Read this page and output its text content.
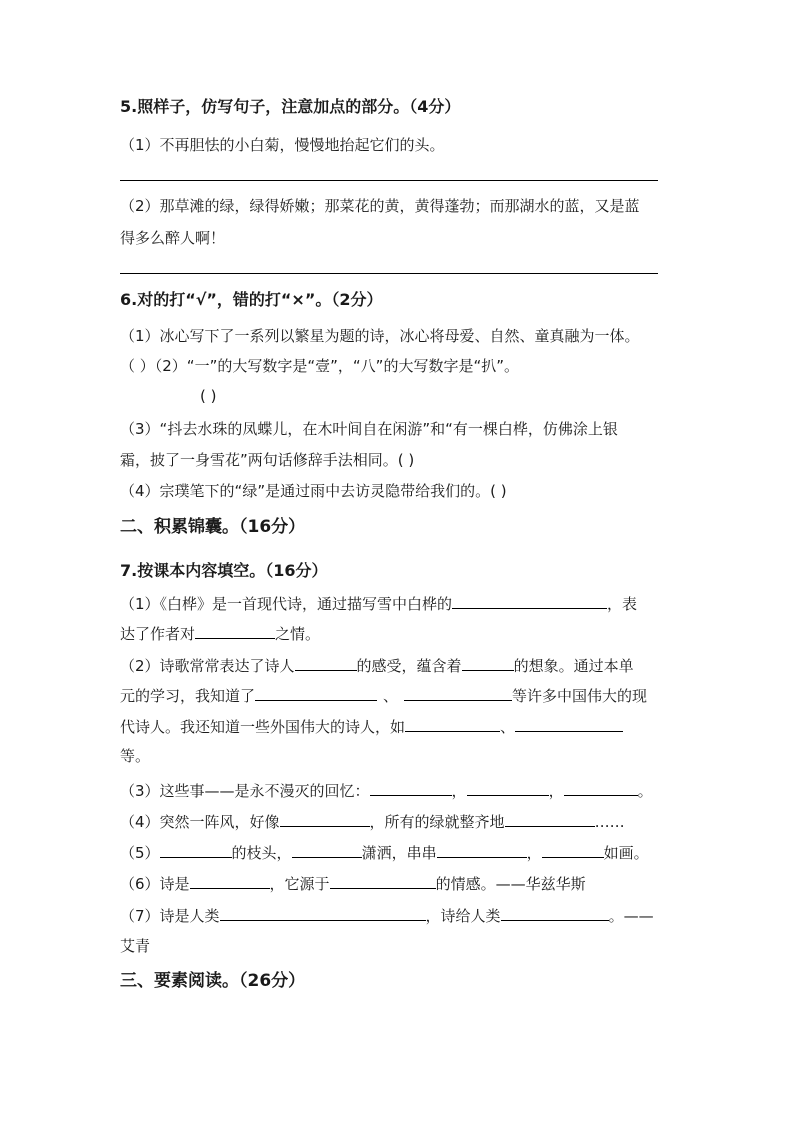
5.照样子，仿写句子，注意加点的部分。（4分）
（1）不再胆怯的小白菊，慢慢地抬起它们的头。
（2）那草滩的绿，绿得娇嫩；那菜花的黄，黄得蓬勃；而那湖水的蓝，又是蓝
得多么醉人啊！
6.对的打“√”，错的打“×”。（2分）
（1）冰心写下了一系列以繁星为题的诗，冰心将母爱、自然、童真融为一体。
（ ）（2）“一”的大写数字是“壹”，“八”的大写数字是“扒”。
( )
（3）“抖去水珠的凤蝶儿，在木叶间自在闲游”和“有一棵白桦，仿佛涂上银
霜，披了一身雪花”两句话修辞手法相同。( )
（4）宗璞笔下的“绿”是通过雨中去访灵隐带给我们的。( )
二、积累锦囊。（16分）
7.按课本内容填空。（16分）
（1）《白桦》是一首现代诗，通过描写雪中白桦的	，表
达了作者对	之情。
（2）诗歌常常表达了诗人	的感受，蕴含着	的想象。通过本单
元的学习，我知道了	、	等许多中国伟大的现
代诗人。我还知道一些外国伟大的诗人，如	、
等。
（3）这些事——是永不漫灭的回忆：	，	，	。
（4）突然一阵风，好像	，所有的绿就整齐地	……
（5）	的枝头，	潇洒，串串	，	如画。
（6）诗是	，它源于	的情感。——华兹华斯
（7）诗是人类	，诗给人类	。——
艾青
三、要素阅读。（26分）
